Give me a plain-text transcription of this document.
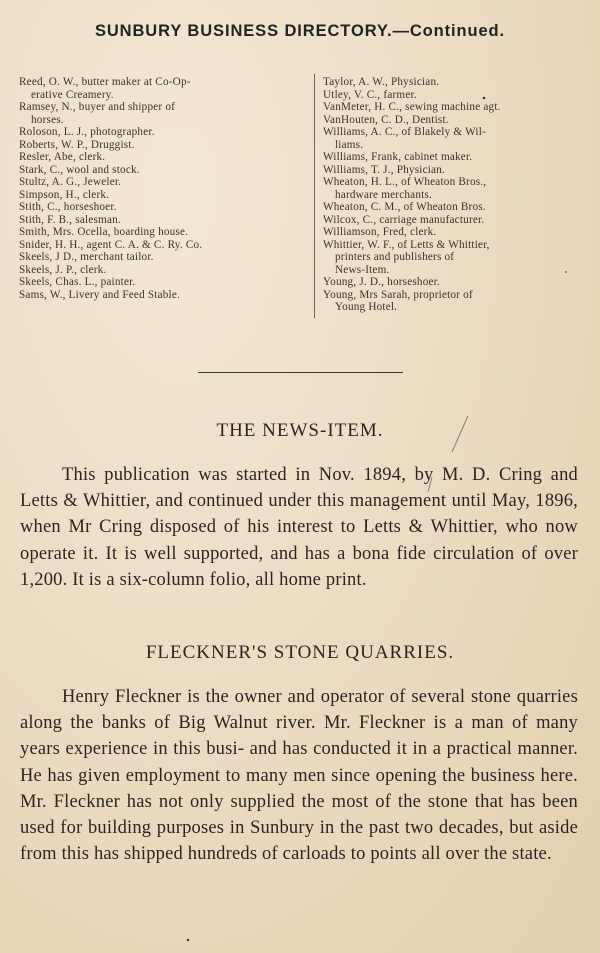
SUNBURY BUSINESS DIRECTORY.—Continued.
Reed, O. W., butter maker at Co-Op-
erative Creamery.
Ramsey, N., buyer and shipper of
horses.
Roloson, L. J., photographer.
Roberts, W. P., Druggist.
Resler, Abe, clerk.
Stark, C., wool and stock.
Stultz, A. G., Jeweler.
Simpson, H., clerk.
Stith, C., horseshoer.
Stith, F. B., salesman.
Smith, Mrs. Ocella, boarding house.
Snider, H. H., agent C. A. & C. Ry. Co.
Skeels, J D., merchant tailor.
Skeels, J. P., clerk.
Skeels, Chas. L., painter.
Sams, W., Livery and Feed Stable.
Taylor, A. W., Physician.
Utley, V. C., farmer.
VanMeter, H. C., sewing machine agt.
VanHouten, C. D., Dentist.
Williams, A. C., of Blakely & Wil-
liams.
Williams, Frank, cabinet maker.
Williams, T. J., Physician.
Wheaton, H. L., of Wheaton Bros.,
hardware merchants.
Wheaton, C. M., of Wheaton Bros.
Wilcox, C., carriage manufacturer.
Williamson, Fred, clerk.
Whittier, W. F., of Letts & Whittier,
printers and publishers of
News-Item.
Young, J. D., horseshoer.
Young, Mrs Sarah, proprietor of
Young Hotel.
THE NEWS-ITEM.
This publication was started in Nov. 1894, by M. D. Cring and Letts & Whittier, and continued under this management until May, 1896, when Mr Cring disposed of his interest to Letts & Whittier, who now operate it. It is well supported, and has a bona fide circulation of over 1,200. It is a six-column folio, all home print.
FLECKNER'S STONE QUARRIES.
Henry Fleckner is the owner and operator of several stone quarries along the banks of Big Walnut river. Mr. Fleckner is a man of many years experience in this busi- and has conducted it in a practical manner. He has given employment to many men since opening the business here. Mr. Fleckner has not only supplied the most of the stone that has been used for building purposes in Sunbury in the past two decades, but aside from this has shipped hundreds of carloads to points all over the state.
